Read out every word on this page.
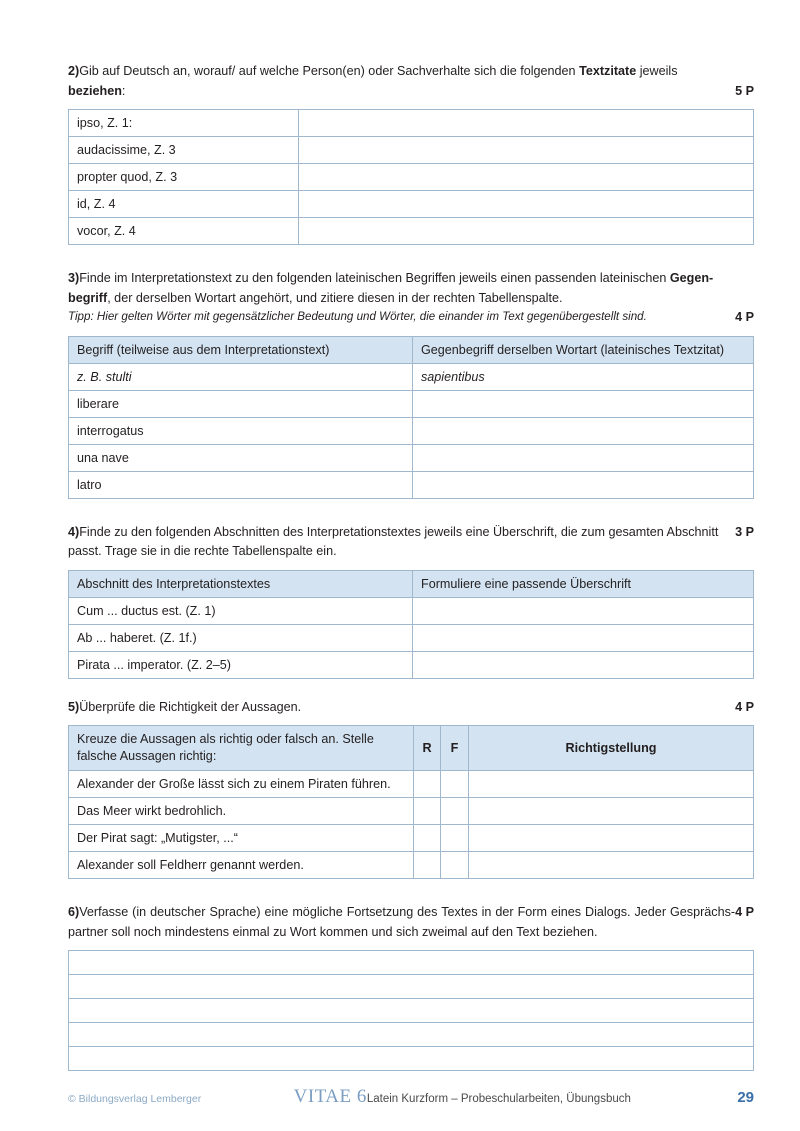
2)Gib auf Deutsch an, worauf/ auf welche Person(en) oder Sachverhalte sich die folgenden Textzitate jeweils
5 P
beziehen:
ipso, Z. 1:	
audacissime, Z. 3	
propter quod, Z. 3	
id, Z. 4	
vocor, Z. 4	
3)Finde im Interpretationstext zu den folgenden lateinischen Begriffen jeweils einen passenden lateinischen Gegen-
begriff, der derselben Wortart angehört, und zitiere diesen in der rechten Tabellenspalte.
4 P
Tipp: Hier gelten Wörter mit gegensätzlicher Bedeutung und Wörter, die einander im Text gegenübergestellt sind.
Begriff (teilweise aus dem Interpretationstext)	Gegenbegriff derselben Wortart (lateinisches Textzitat)
z. B. stulti	sapientibus
liberare	
interrogatus	
una nave	
latro	
3 P
4)Finde zu den folgenden Abschnitten des Interpretationstextes jeweils eine Überschrift, die zum gesamten Abschnitt passt. Trage sie in die rechte Tabellenspalte ein.
Abschnitt des Interpretationstextes	Formuliere eine passende Überschrift
Cum ... ductus est. (Z. 1)	
Ab ... haberet. (Z. 1f.)	
Pirata ... imperator. (Z. 2–5)	
4 P
5)Überprüfe die Richtigkeit der Aussagen.
Kreuze die Aussagen als richtig oder falsch an. Stelle falsche Aussagen richtig:	R	F	Richtigstellung
Alexander der Große lässt sich zu einem Piraten führen.			
Das Meer wirkt bedrohlich.			
Der Pirat sagt: „Mutigster, ...“			
Alexander soll Feldherr genannt werden.			
4 P
6)Verfasse (in deutscher Sprache) eine mögliche Fortsetzung des Textes in der Form eines Dialogs. Jeder Gesprächs-partner soll noch mindestens einmal zu Wort kommen und sich zweimal auf den Text beziehen.

© Bildungsverlag Lemberger	VITAE 6Latein Kurzform – Probeschularbeiten, Übungsbuch	29
